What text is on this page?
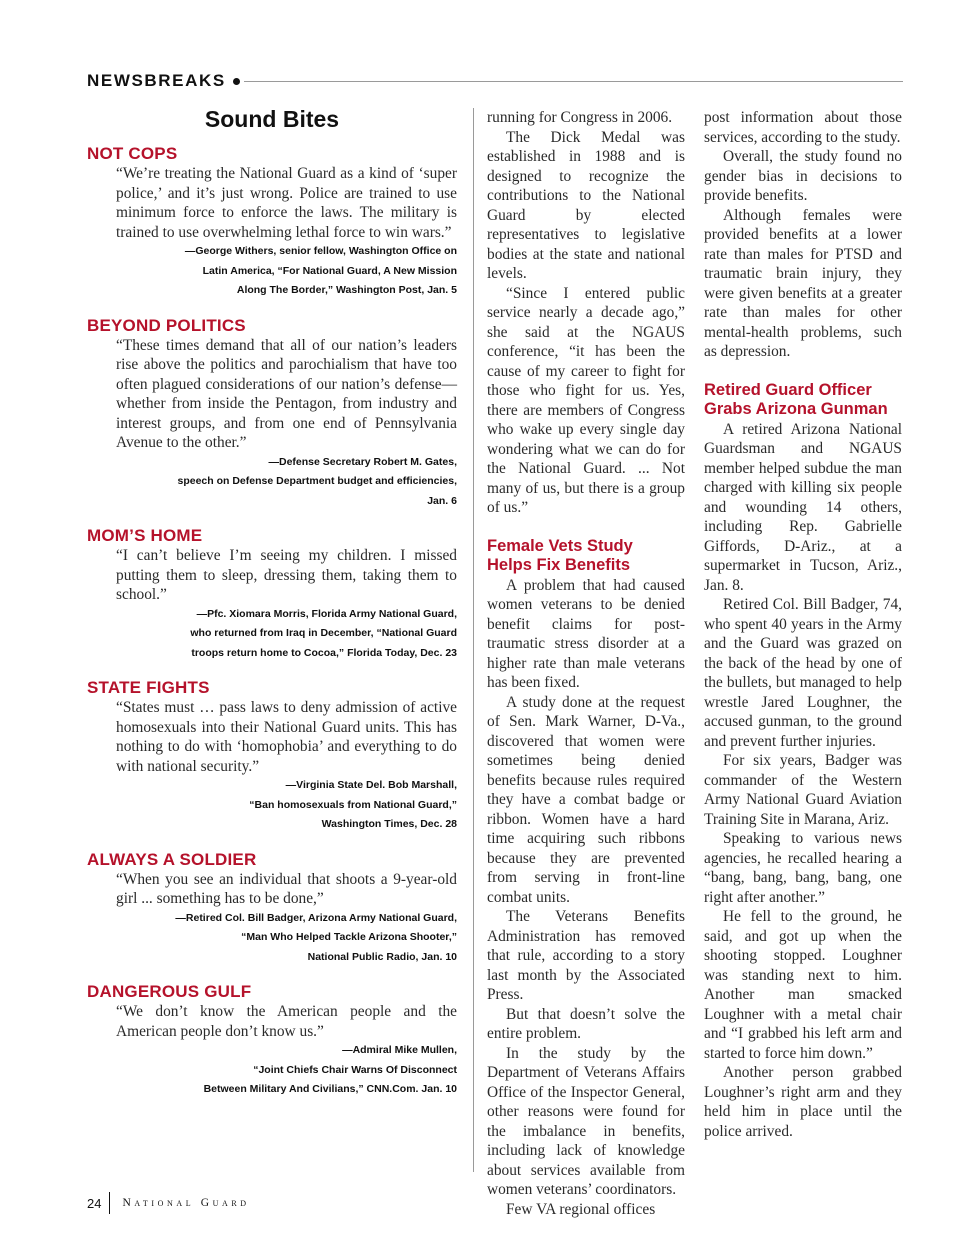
NEWSBREAKS
Sound Bites
NOT COPS

“We’re treating the National Guard as a kind of ‘super police,’ and it’s just wrong. Police are trained to use minimum force to enforce the laws. The military is trained to use overwhelming lethal force to win wars.”

—George Withers, senior fellow, Washington Office on
Latin America, “For National Guard, A New Mission
Along The Border,” Washington Post, Jan. 5

BEYOND POLITICS

“These times demand that all of our nation’s leaders rise above the politics and parochialism that have too often plagued considerations of our nation’s defense—whether from inside the Pentagon, from industry and interest groups, and from one end of Pennsylvania Avenue to the other.”

—Defense Secretary Robert M. Gates,
speech on Defense Department budget and efficiencies,
Jan. 6

MOM’S HOME

“I can’t believe I’m seeing my children. I missed putting them to sleep, dressing them, taking them to school.”

—Pfc. Xiomara Morris, Florida Army National Guard,
who returned from Iraq in December, “National Guard
troops return home to Cocoa,” Florida Today, Dec. 23

STATE FIGHTS

“States must … pass laws to deny admission of active homosexuals into their National Guard units. This has nothing to do with ‘homophobia’ and everything to do with national security.”

—Virginia State Del. Bob Marshall,
“Ban homosexuals from National Guard,”
Washington Times, Dec. 28

ALWAYS A SOLDIER

“When you see an individual that shoots a 9-year-old girl ... something has to be done,”

—Retired Col. Bill Badger, Arizona Army National Guard,
“Man Who Helped Tackle Arizona Shooter,”
National Public Radio, Jan. 10

DANGEROUS GULF

“We don’t know the American people and the American people don’t know us.”

—Admiral Mike Mullen,
“Joint Chiefs Chair Warns Of Disconnect
Between Military And Civilians,” CNN.Com. Jan. 10

running for Congress in 2006.

The Dick Medal was established in 1988 and is designed to recognize the contributions to the National Guard by elected representatives to legislative bodies at the state and national levels.

“Since I entered public service nearly a decade ago,” she said at the NGAUS conference, “it has been the cause of my career to fight for those who fight for us. Yes, there are members of Congress who wake up every single day wondering what we can do for the National Guard. ... Not many of us, but there is a group of us.”

Female Vets Study
Helps Fix Benefits

A problem that had caused women veterans to be denied benefit claims for post-traumatic stress disorder at a higher rate than male veterans has been fixed.

A study done at the request of Sen. Mark Warner, D-Va., discovered that women were sometimes being denied benefits because rules required they have a combat badge or ribbon. Women have a hard time acquiring such ribbons because they are prevented from serving in front-line combat units.

The Veterans Benefits Administration has removed that rule, according to a story last month by the Associated Press.

But that doesn’t solve the entire problem.

In the study by the Department of Veterans Affairs Office of the Inspector General, other reasons were found for the imbalance in benefits, including lack of knowledge about services available from women veterans’ coordinators.

Few VA regional offices

post information about those services, according to the study.

Overall, the study found no gender bias in decisions to provide benefits.

Although females were provided benefits at a lower rate than males for PTSD and traumatic brain injury, they were given benefits at a greater rate than males for other mental-health problems, such as depression.

Retired Guard Officer
Grabs Arizona Gunman

A retired Arizona National Guardsman and NGAUS member helped subdue the man charged with killing six people and wounding 14 others, including Rep. Gabrielle Giffords, D-Ariz., at a supermarket in Tucson, Ariz., Jan. 8.

Retired Col. Bill Badger, 74, who spent 40 years in the Army and the Guard was grazed on the back of the head by one of the bullets, but managed to help wrestle Jared Loughner, the accused gunman, to the ground and prevent further injuries.

For six years, Badger was commander of the Western Army National Guard Aviation Training Site in Marana, Ariz.

Speaking to various news agencies, he recalled hearing a “bang, bang, bang, bang, one right after another.”

He fell to the ground, he said, and got up when the shooting stopped. Loughner was standing next to him. Another man smacked Loughner with a metal chair and “I grabbed his left arm and started to force him down.”

Another person grabbed Loughner’s right arm and they held him in place until the police arrived.

24	National Guard
